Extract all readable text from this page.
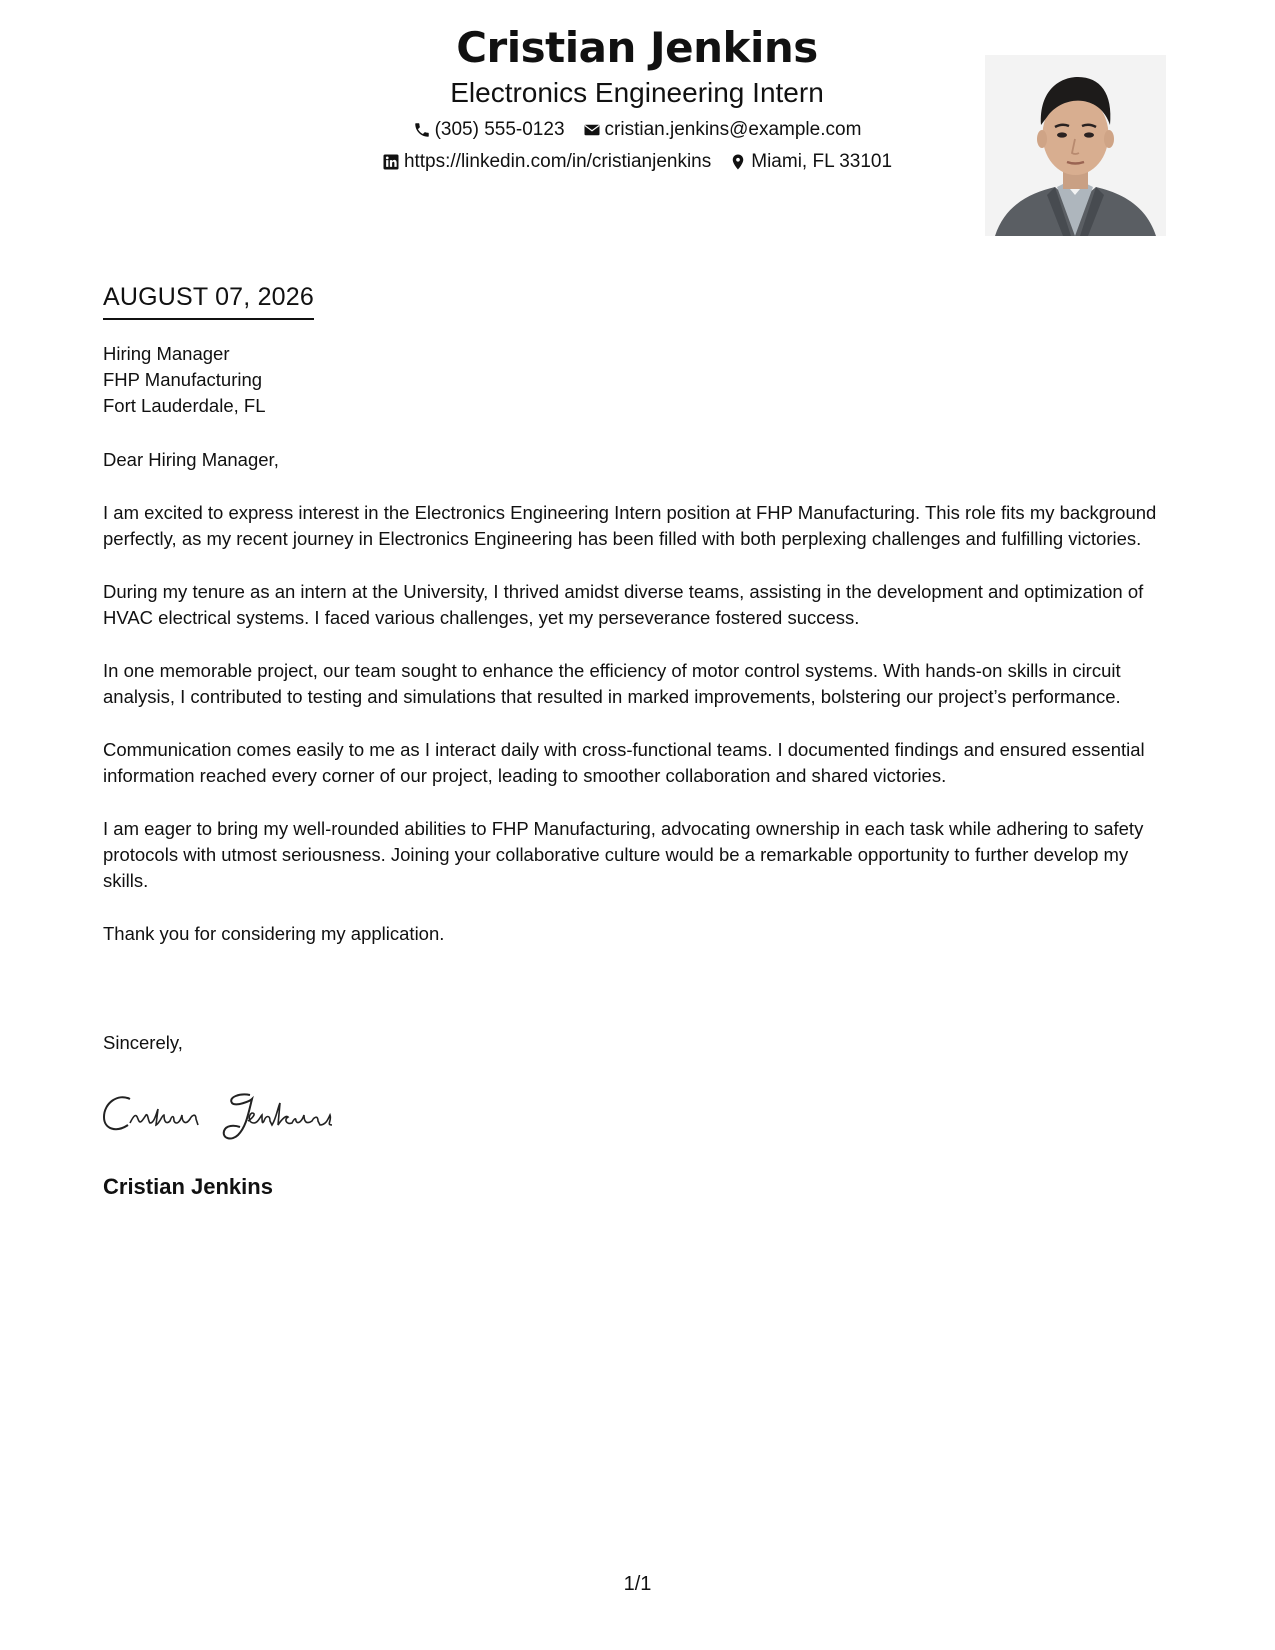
Cristian Jenkins
Electronics Engineering Intern
(305) 555-0123 cristian.jenkins@example.com
https://linkedin.com/in/cristianjenkins Miami, FL 33101
AUGUST 07, 2026
Hiring Manager
FHP Manufacturing
Fort Lauderdale, FL

Dear Hiring Manager,

I am excited to express interest in the Electronics Engineering Intern position at FHP Manufacturing. This role fits my background perfectly, as my recent journey in Electronics Engineering has been filled with both perplexing challenges and fulfilling victories.

During my tenure as an intern at the University, I thrived amidst diverse teams, assisting in the development and optimization of HVAC electrical systems. I faced various challenges, yet my perseverance fostered success.

In one memorable project, our team sought to enhance the efficiency of motor control systems. With hands-on skills in circuit analysis, I contributed to testing and simulations that resulted in marked improvements, bolstering our project’s performance.

Communication comes easily to me as I interact daily with cross-functional teams. I documented findings and ensured essential information reached every corner of our project, leading to smoother collaboration and shared victories.

I am eager to bring my well-rounded abilities to FHP Manufacturing, advocating ownership in each task while adhering to safety protocols with utmost seriousness. Joining your collaborative culture would be a remarkable opportunity to further develop my skills.

Thank you for considering my application.

Sincerely,
Cristian Jenkins
1/1
